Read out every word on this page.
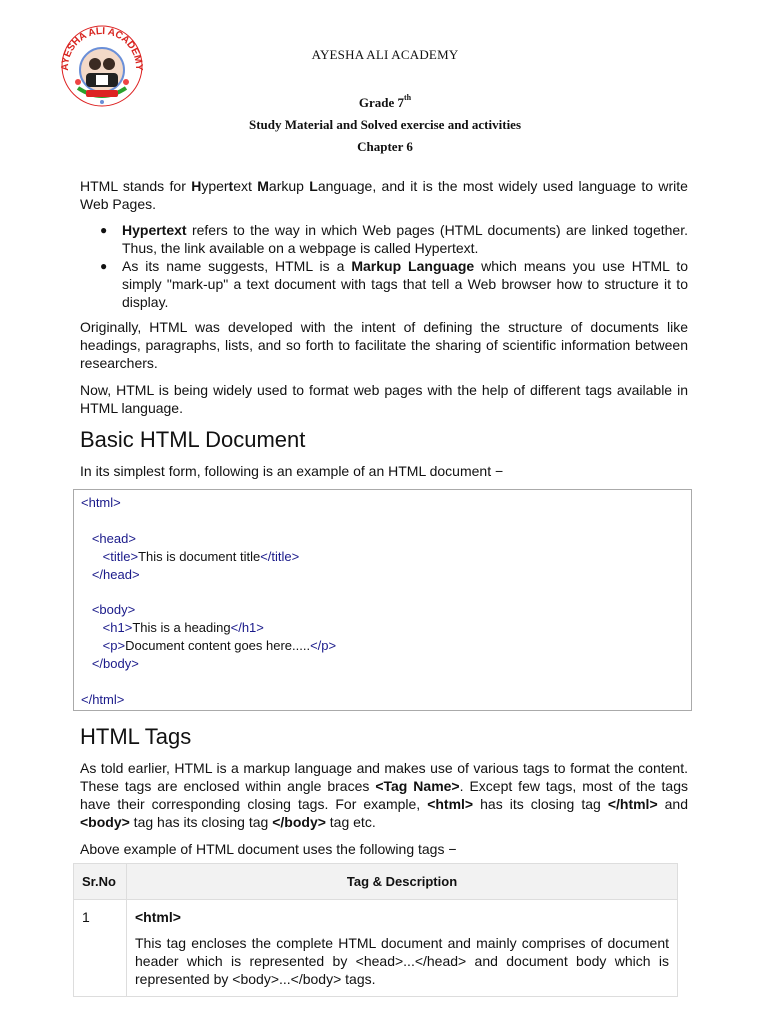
AYESHA ALI ACADEMY
AYESHA ALI ACADEMY
Grade 7th
Study Material and Solved exercise and activities
Chapter 6

HTML stands for Hypertext Markup Language, and it is the most widely used language to write Web Pages.

● Hypertext refers to the way in which Web pages (HTML documents) are linked together. Thus, the link available on a webpage is called Hypertext.
● As its name suggests, HTML is a Markup Language which means you use HTML to simply "mark-up" a text document with tags that tell a Web browser how to structure it to display.

Originally, HTML was developed with the intent of defining the structure of documents like headings, paragraphs, lists, and so forth to facilitate the sharing of scientific information between researchers.

Now, HTML is being widely used to format web pages with the help of different tags available in HTML language.

Basic HTML Document

In its simplest form, following is an example of an HTML document −

<html>
<head>
<title>This is document title</title>
</head>
<body>
<h1>This is a heading</h1>
<p>Document content goes here.....</p>
</body>
</html>
HTML Tags

As told earlier, HTML is a markup language and makes use of various tags to format the content. These tags are enclosed within angle braces <Tag Name>. Except few tags, most of the tags have their corresponding closing tags. For example, <html> has its closing tag </html> and <body> tag has its closing tag </body> tag etc.

Above example of HTML document uses the following tags −

Sr.No	Tag & Description
1	<html>

This tag encloses the complete HTML document and mainly comprises of document header which is represented by <head>...</head> and document body which is represented by <body>...</body> tags.
